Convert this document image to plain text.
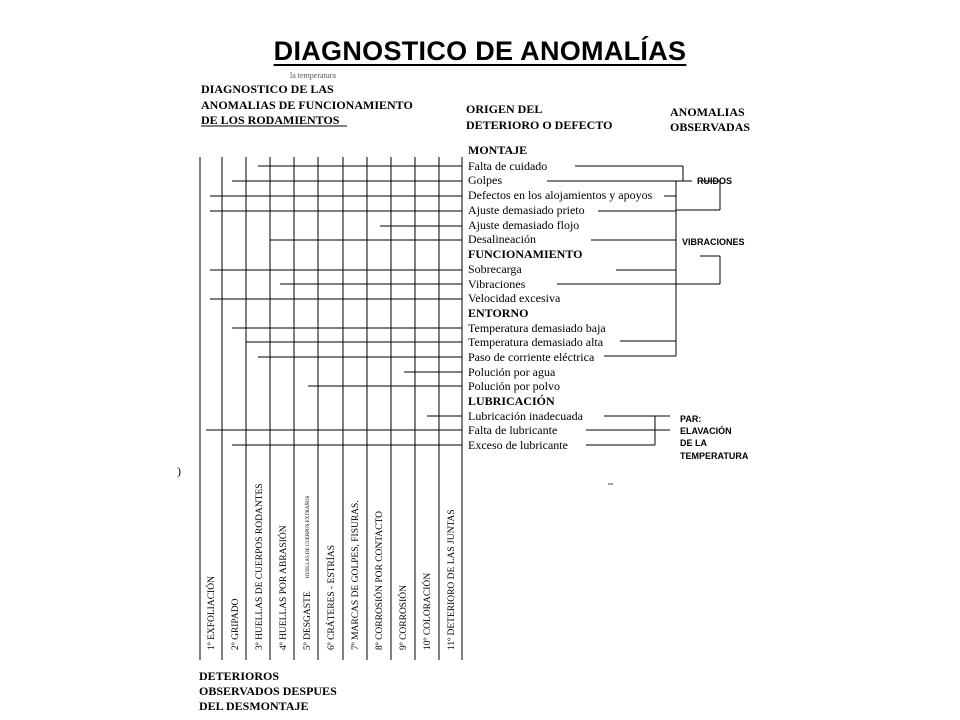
DIAGNOSTICO DE ANOMALÍAS
la temperatura
DIAGNOSTICO DE LAS
ANOMALIAS DE FUNCIONAMIENTO
DE LOS RODAMIENTOS
ORIGEN DEL
DETERIORO O DEFECTO
ANOMALIAS
OBSERVADAS
MONTAJE
Falta de cuidado
Golpes
Defectos en los alojamientos y apoyos
Ajuste demasiado prieto
Ajuste demasiado flojo
Desalineación
FUNCIONAMIENTO
Sobrecarga
Vibraciones
Velocidad excesiva
ENTORNO
Temperatura demasiado baja
Temperatura demasiado alta
Paso de corriente eléctrica
Polución por agua
Polución por polvo
LUBRICACIÓN
Lubricación inadecuada
Falta de lubricante
Exceso de lubricante
RUIDOS
VIBRACIONES
PAR:
ELAVACIÓN
DE LA
TEMPERATURA
1º EXFOLIACIÓN 2º GRIPADO 3º HUELLAS DE CUERPOS RODANTES 4º HUELLAS POR ABRASIÓN 5º DESGASTE
HUELLAS DE CUERPOS EXTRAÑOS
6º CRÁTERES - ESTRÍAS 7º MARCAS DE GOLPES, FISURAS. 8º CORROSIÓN POR CONTACTO 9º CORROSIÓN 10º COLORACIÓN 11º DETERIORO DE LAS JUNTAS
DETERIOROS
OBSERVADOS DESPUES
DEL DESMONTAJE
)
